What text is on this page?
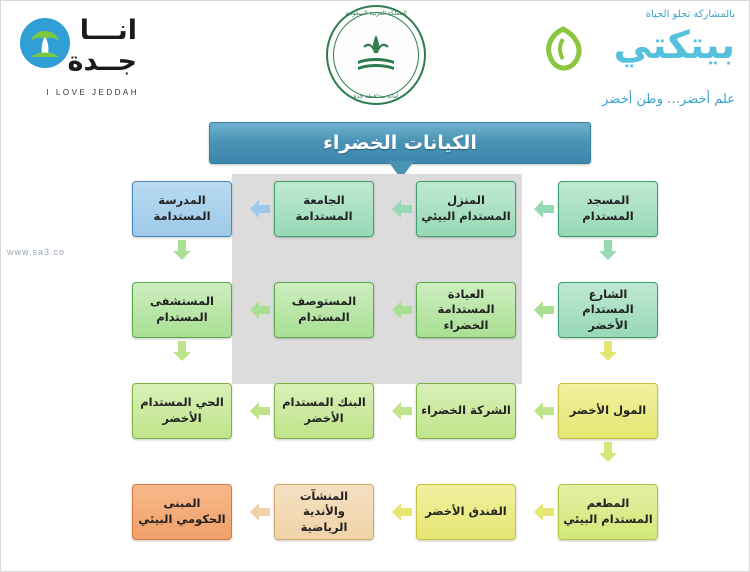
انـــا
جــدة
I LOVE JEDDAH
المملكة العربية السعودية
أمانة محافظة جدة
بالمشاركة تحلو الحياة
بيتكتي
علم أخضر… وطن أخضر
www.sa3.co
الكيانات الخضراء
المدرسة المستدامة
الجامعة المستدامة
المنزل المستدام البيئي
المسجد المستدام
المستشفى المستدام
المستوصف المستدام
العيادة المستدامة الخضراء
الشارع المستدام الأخضر
الحي المستدام الأخضر
البنك المستدام الأخضر
الشركة الخضراء	المول الأخضر
المبنى الحكومي البيئي
المنشآت والأندية الرياضية
الفندق الأخضر
المطعم المستدام البيئي
